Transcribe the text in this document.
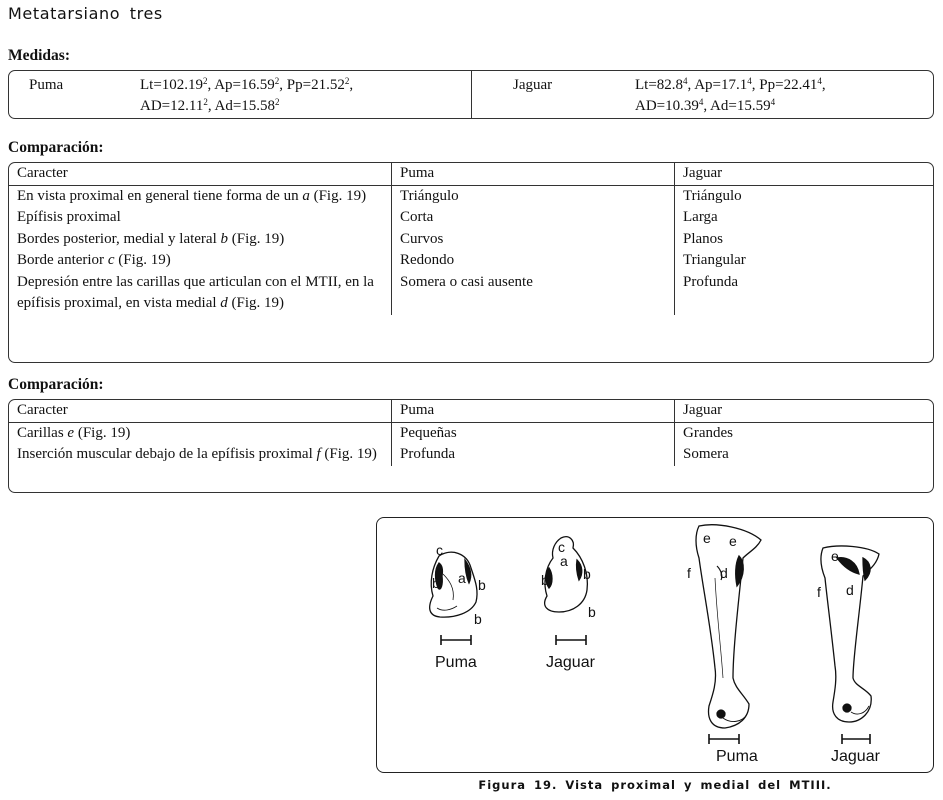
Metatarsiano tres
Medidas:
Puma	$Lt=102.19^2$, $Ap=16.59^2$, $Pp=21.52^2$,
$AD=12.11^2$, $Ad=15.58^2$
Jaguar	$Lt=82.8^4$, $Ap=17.1^4$, $Pp=22.41^4$,
$AD=10.39^4$, $Ad=15.59^4$
Comparación:
Caracter	Puma	Jaguar
En vista proximal en general tiene forma de un a (Fig. 19)	Triángulo	Triángulo
Epífisis proximal	Corta	Larga
Bordes posterior, medial y lateral b (Fig. 19)	Curvos	Planos
Borde anterior c (Fig. 19)	Redondo	Triangular
Depresión entre las carillas que articulan con el MTII, en la epífisis proximal, en vista medial d (Fig. 19)	Somera o casi ausente	Profunda
Comparación:
Caracter	Puma	Jaguar
Carillas e (Fig. 19)	Pequeñas	Grandes
Inserción muscular debajo de la epífisis proximal f (Fig. 19)	Profunda	Somera
c
a
b	b
b
c
a
b b
b
e e
f d
e
e
f d
Puma	Jaguar
Puma	Jaguar
Figura 19. Vista proximal y medial del MTIII.
